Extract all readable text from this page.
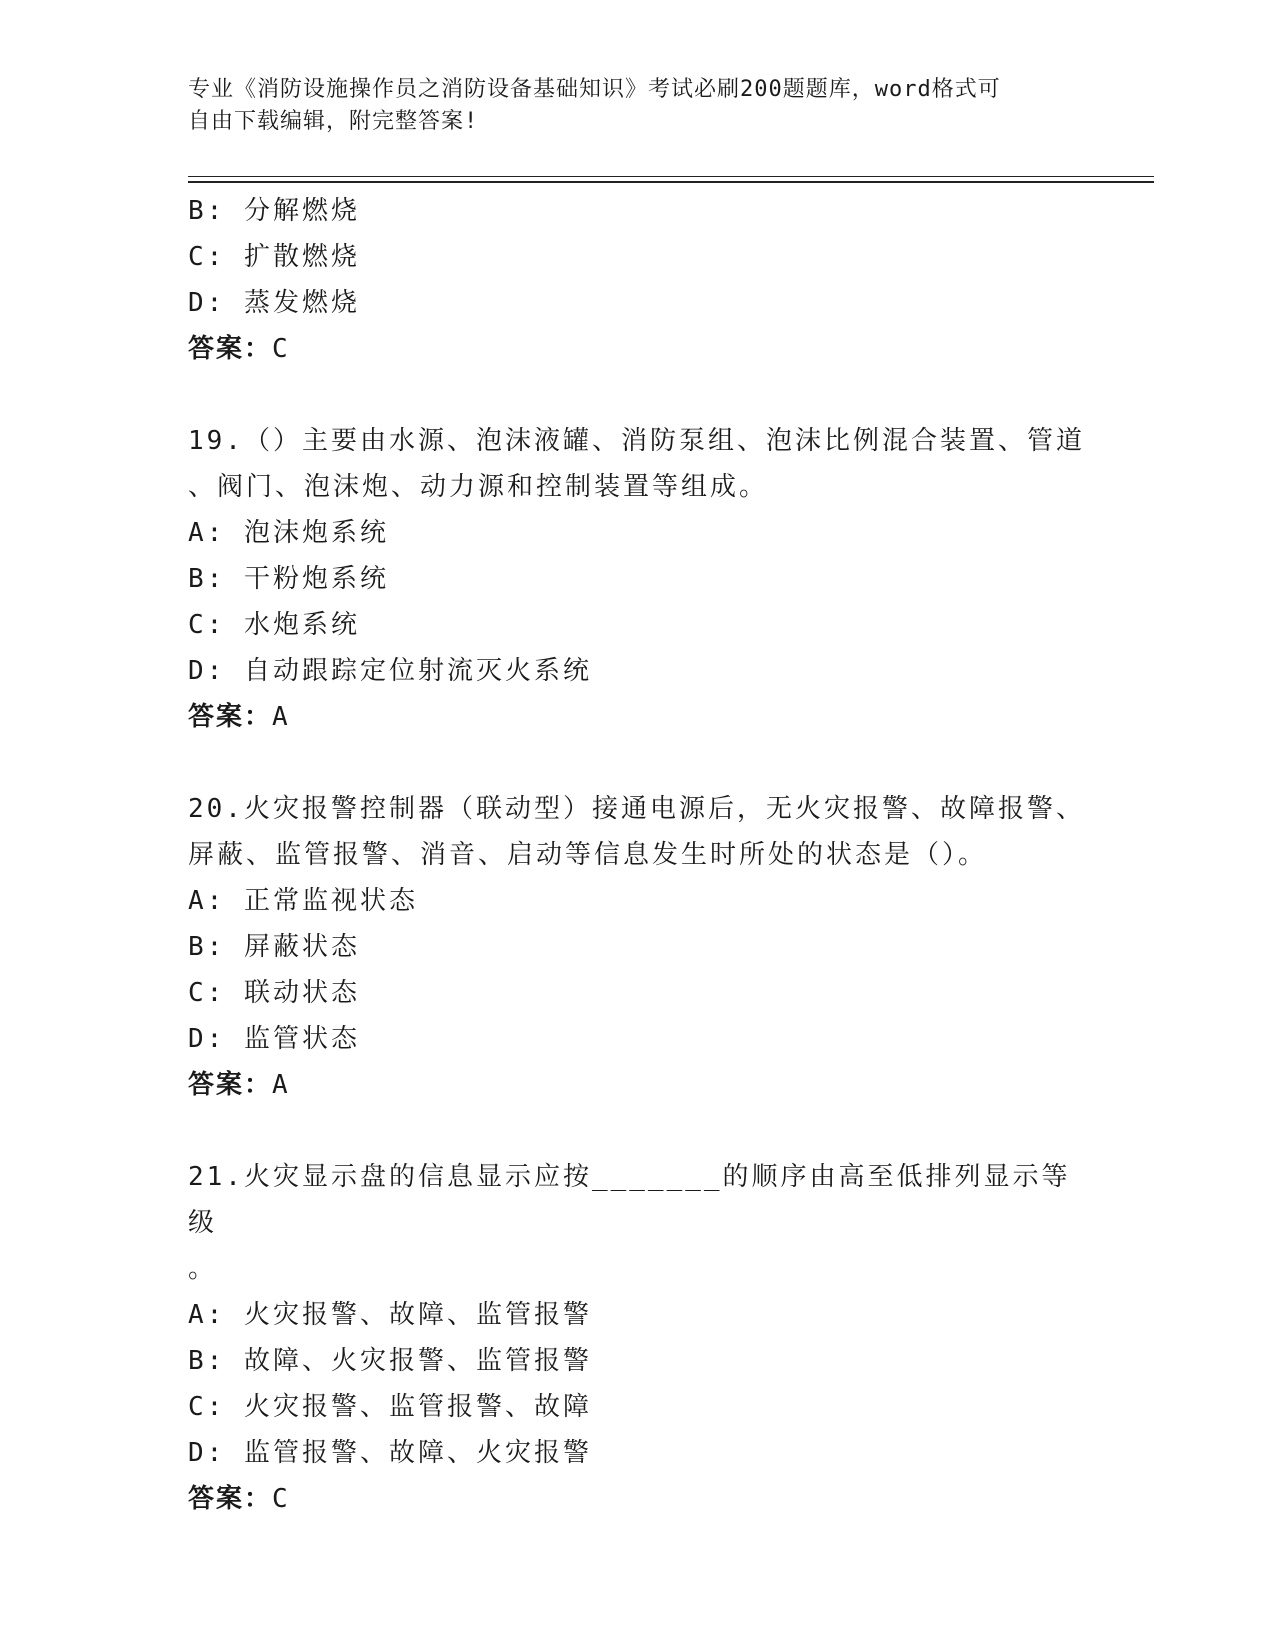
专业《消防设施操作员之消防设备基础知识》考试必刷200题题库，word格式可
自由下载编辑，附完整答案!
B: 分解燃烧
C: 扩散燃烧
D: 蒸发燃烧
答案：C
19.（）主要由水源、泡沫液罐、消防泵组、泡沫比例混合装置、管道
、阀门、泡沫炮、动力源和控制装置等组成。
A: 泡沫炮系统
B: 干粉炮系统
C: 水炮系统
D: 自动跟踪定位射流灭火系统
答案：A
20.火灾报警控制器（联动型）接通电源后，无火灾报警、故障报警、
屏蔽、监管报警、消音、启动等信息发生时所处的状态是（）。
A: 正常监视状态
B: 屏蔽状态
C: 联动状态
D: 监管状态
答案：A
21.火灾显示盘的信息显示应按_______的顺序由高至低排列显示等级
。
A: 火灾报警、故障、监管报警
B: 故障、火灾报警、监管报警
C: 火灾报警、监管报警、故障
D: 监管报警、故障、火灾报警
答案：C
